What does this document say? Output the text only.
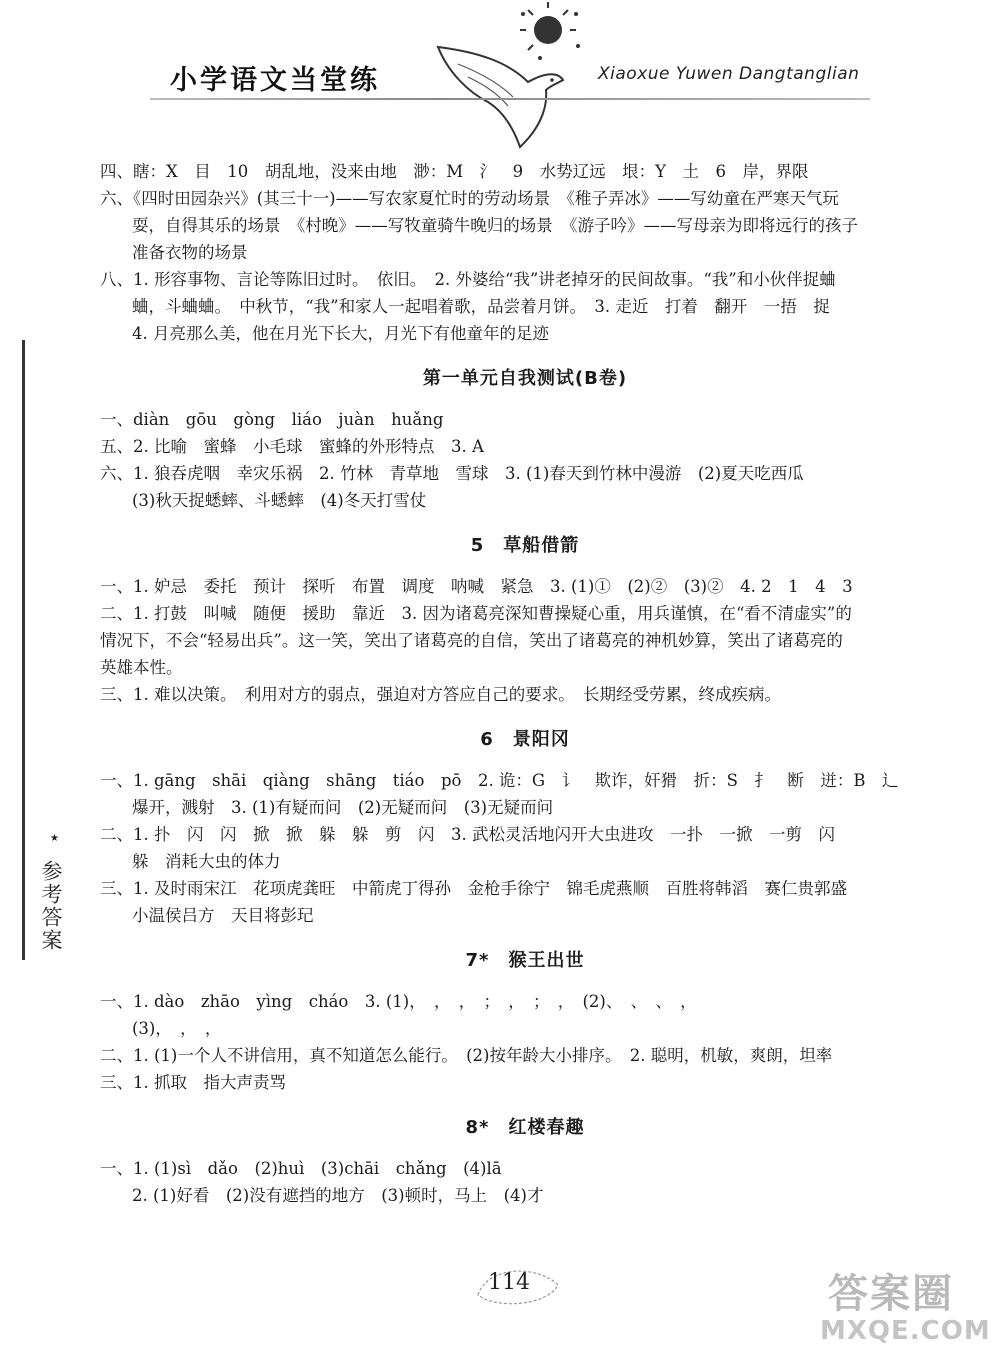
小学语文当堂练	Xiaoxue Yuwen Dangtanglian
★
参考答案
四、瞎：X　目　10　胡乱地，没来由地　渺：M　氵　9　水势辽远　垠：Y　土　6　岸，界限
六、《四时田园杂兴》(其三十一)——写农家夏忙时的劳动场景　《稚子弄冰》——写幼童在严寒天气玩
耍，自得其乐的场景　《村晚》——写牧童骑牛晚归的场景　《游子吟》——写母亲为即将远行的孩子
准备衣物的场景
八、1. 形容事物、言论等陈旧过时。　依旧。　2. 外婆给“我”讲老掉牙的民间故事。“我”和小伙伴捉蛐
蛐，斗蛐蛐。　中秋节，“我”和家人一起唱着歌，品尝着月饼。　3. 走近　打着　翻开　一捂　捉
4. 月亮那么美，他在月光下长大，月光下有他童年的足迹
第一单元自我测试(B卷)
一、diàn　gōu　gòng　liáo　juàn　huǎng
五、2. 比喻　蜜蜂　小毛球　蜜蜂的外形特点　3. A
六、1. 狼吞虎咽　幸灾乐祸　2. 竹林　青草地　雪球　3. (1)春天到竹林中漫游　(2)夏天吃西瓜
(3)秋天捉蟋蟀、斗蟋蟀　(4)冬天打雪仗
5　草船借箭
一、1. 妒忌　委托　预计　探听　布置　调度　呐喊　紧急　3. (1)①　(2)②　(3)②　4. 2　1　4　3
二、1. 打鼓　叫喊　随便　援助　靠近　3. 因为诸葛亮深知曹操疑心重，用兵谨慎，在“看不清虚实”的
情况下，不会“轻易出兵”。这一笑，笑出了诸葛亮的自信，笑出了诸葛亮的神机妙算，笑出了诸葛亮的
英雄本性。
三、1. 难以决策。　利用对方的弱点，强迫对方答应自己的要求。　长期经受劳累，终成疾病。
6　景阳冈
一、1. gāng　shāi　qiàng　shāng　tiáo　pō　2. 诡：G　讠　欺诈，奸猾　折：S　扌　断　迸：B　辶
爆开，溅射　3. (1)有疑而问　(2)无疑而问　(3)无疑而问
二、1. 扑　闪　闪　掀　掀　躲　躲　剪　闪　3. 武松灵活地闪开大虫进攻　一扑　一掀　一剪　闪
躲　消耗大虫的体力
三、1. 及时雨宋江　花项虎龚旺　中箭虎丁得孙　金枪手徐宁　锦毛虎燕顺　百胜将韩滔　赛仁贵郭盛
小温侯吕方　天目将彭玘
7*　猴王出世
一、1. dào　zhāo　yìng　cháo　3. (1)，　，　，　；　，　；　，　(2)、　、　、　，
(3)，　，　，
二、1. (1)一个人不讲信用，真不知道怎么能行。　(2)按年龄大小排序。　2. 聪明，机敏，爽朗，坦率
三、1. 抓取　指大声责骂
8*　红楼春趣
一、1. (1)sì　dǎo　(2)huì　(3)chāi　chǎng　(4)lā
2. (1)好看　(2)没有遮挡的地方　(3)顿时，马上　(4)才
114	答案圈
MXQE.COM
